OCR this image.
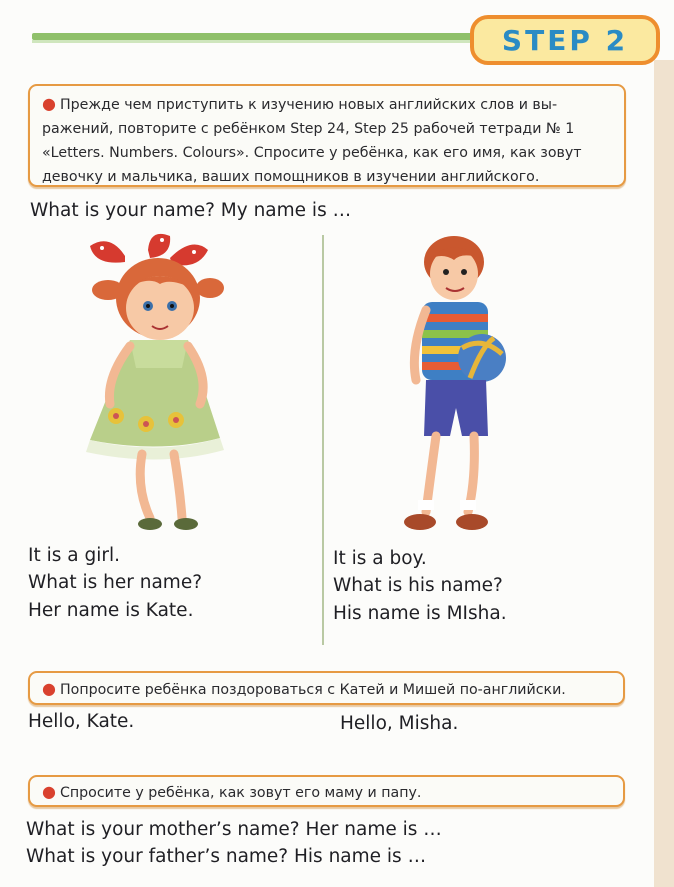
STEP 2
● Прежде чем приступить к изучению новых английских слов и вы- ражений, повторите с ребёнком Step 24, Step 25 рабочей тетради № 1 «Letters. Numbers. Colours». Спросите у ребёнка, как его имя, как зовут девочку и мальчика, ваших помощников в изучении английского.
What is your name? My name is …
It is a girl.
What is her name?
Her name is Kate.
It is a boy.
What is his name?
His name is MIsha.
● Попросите ребёнка поздороваться с Катей и Мишей по-английски.
Hello, Kate.	Hello, Misha.
● Спросите у ребёнка, как зовут его маму и папу.
What is your mother’s name? Her name is …
What is your father’s name? His name is …
